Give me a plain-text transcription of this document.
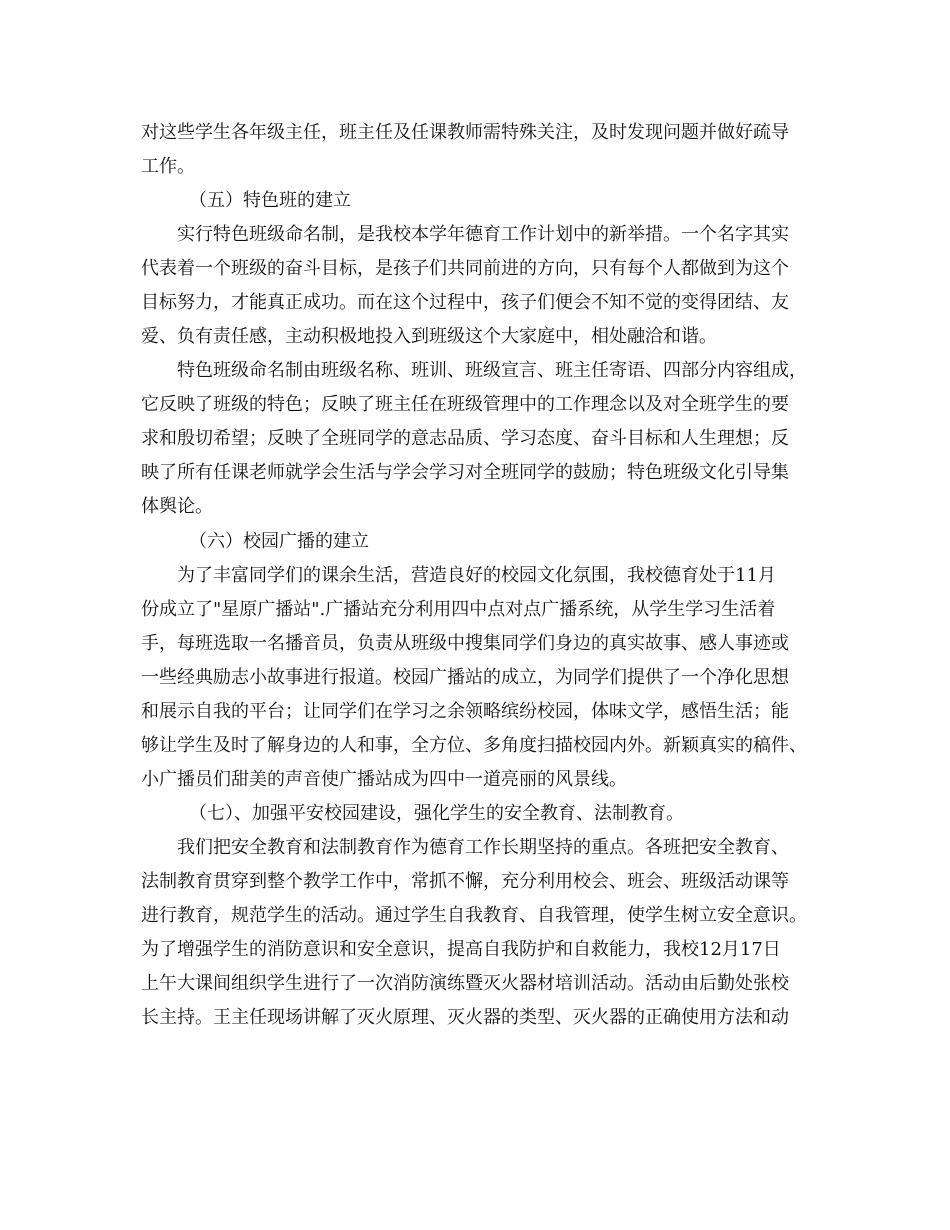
对这些学生各年级主任，班主任及任课教师需特殊关注，及时发现问题并做好疏导
工作。
（五）特色班的建立
实行特色班级命名制，是我校本学年德育工作计划中的新举措。一个名字其实
代表着一个班级的奋斗目标，是孩子们共同前进的方向，只有每个人都做到为这个
目标努力，才能真正成功。而在这个过程中，孩子们便会不知不觉的变得团结、友
爱、负有责任感，主动积极地投入到班级这个大家庭中，相处融洽和谐。
特色班级命名制由班级名称、班训、班级宣言、班主任寄语、四部分内容组成，
它反映了班级的特色；反映了班主任在班级管理中的工作理念以及对全班学生的要
求和殷切希望；反映了全班同学的意志品质、学习态度、奋斗目标和人生理想；反
映了所有任课老师就学会生活与学会学习对全班同学的鼓励；特色班级文化引导集
体舆论。
（六）校园广播的建立
为了丰富同学们的课余生活，营造良好的校园文化氛围，我校德育处于11月
份成立了"星原广播站".广播站充分利用四中点对点广播系统，从学生学习生活着
手，每班选取一名播音员，负责从班级中搜集同学们身边的真实故事、感人事迹或
一些经典励志小故事进行报道。校园广播站的成立，为同学们提供了一个净化思想
和展示自我的平台；让同学们在学习之余领略缤纷校园，体味文学，感悟生活；能
够让学生及时了解身边的人和事，全方位、多角度扫描校园内外。新颖真实的稿件、
小广播员们甜美的声音使广播站成为四中一道亮丽的风景线。
（七）、加强平安校园建设，强化学生的安全教育、法制教育。
我们把安全教育和法制教育作为德育工作长期坚持的重点。各班把安全教育、
法制教育贯穿到整个教学工作中，常抓不懈，充分利用校会、班会、班级活动课等
进行教育，规范学生的活动。通过学生自我教育、自我管理，使学生树立安全意识。
为了增强学生的消防意识和安全意识，提高自我防护和自救能力，我校12月17日
上午大课间组织学生进行了一次消防演练暨灭火器材培训活动。活动由后勤处张校
长主持。王主任现场讲解了灭火原理、灭火器的类型、灭火器的正确使用方法和动
